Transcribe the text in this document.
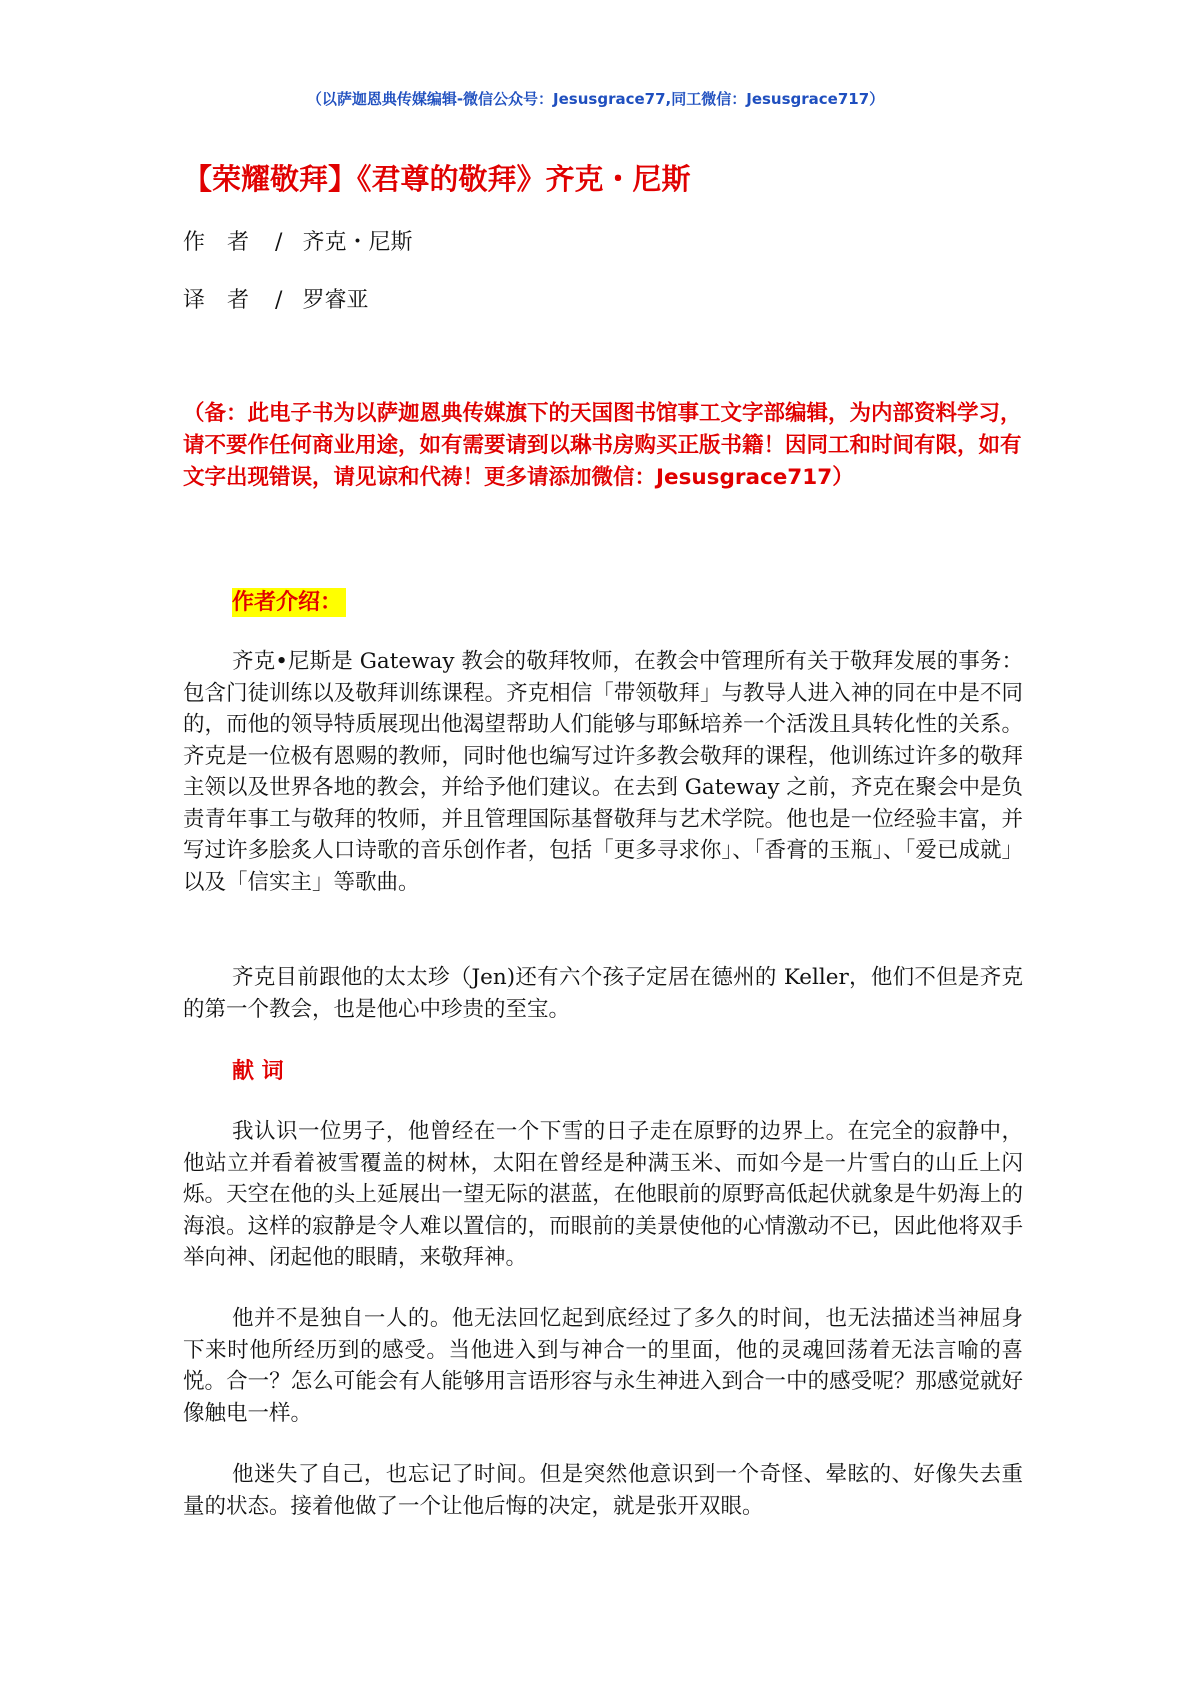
（以萨迦恩典传媒编辑-微信公众号：Jesusgrace77,同工微信：Jesusgrace717）
【荣耀敬拜】《君尊的敬拜》齐克・尼斯
作者 / 齐克・尼斯
译者 / 罗睿亚
（备：此电子书为以萨迦恩典传媒旗下的天国图书馆事工文字部编辑，为内部资料学习，请不要作任何商业用途，如有需要请到以琳书房购买正版书籍！因同工和时间有限，如有文字出现错误，请见谅和代祷！更多请添加微信：Jesusgrace717）
作者介绍：
齐克•尼斯是 Gateway 教会的敬拜牧师，在教会中管理所有关于敬拜发展的事务：包含门徒训练以及敬拜训练课程。齐克相信「带领敬拜」与教导人进入神的同在中是不同的，而他的领导特质展现出他渴望帮助人们能够与耶稣培养一个活泼且具转化性的关系。齐克是一位极有恩赐的教师，同时他也编写过许多教会敬拜的课程，他训练过许多的敬拜主领以及世界各地的教会，并给予他们建议。在去到 Gateway 之前，齐克在聚会中是负责青年事工与敬拜的牧师，并且管理国际基督敬拜与艺术学院。他也是一位经验丰富，并写过许多脍炙人口诗歌的音乐创作者，包括「更多寻求你」、「香膏的玉瓶」、「爱已成就」以及「信实主」等歌曲。
齐克目前跟他的太太珍（Jen)还有六个孩子定居在德州的 Keller，他们不但是齐克的第一个教会，也是他心中珍贵的至宝。
献 词
我认识一位男子，他曾经在一个下雪的日子走在原野的边界上。在完全的寂静中，他站立并看着被雪覆盖的树林，太阳在曾经是种满玉米、而如今是一片雪白的山丘上闪烁。天空在他的头上延展出一望无际的湛蓝，在他眼前的原野高低起伏就象是牛奶海上的海浪。这样的寂静是令人难以置信的，而眼前的美景使他的心情激动不已，因此他将双手举向神、闭起他的眼睛，来敬拜神。
他并不是独自一人的。他无法回忆起到底经过了多久的时间，也无法描述当神屈身下来时他所经历到的感受。当他进入到与神合一的里面，他的灵魂回荡着无法言喻的喜悦。合一？怎么可能会有人能够用言语形容与永生神进入到合一中的感受呢？那感觉就好像触电一样。
他迷失了自己，也忘记了时间。但是突然他意识到一个奇怪、晕眩的、好像失去重量的状态。接着他做了一个让他后悔的决定，就是张开双眼。
